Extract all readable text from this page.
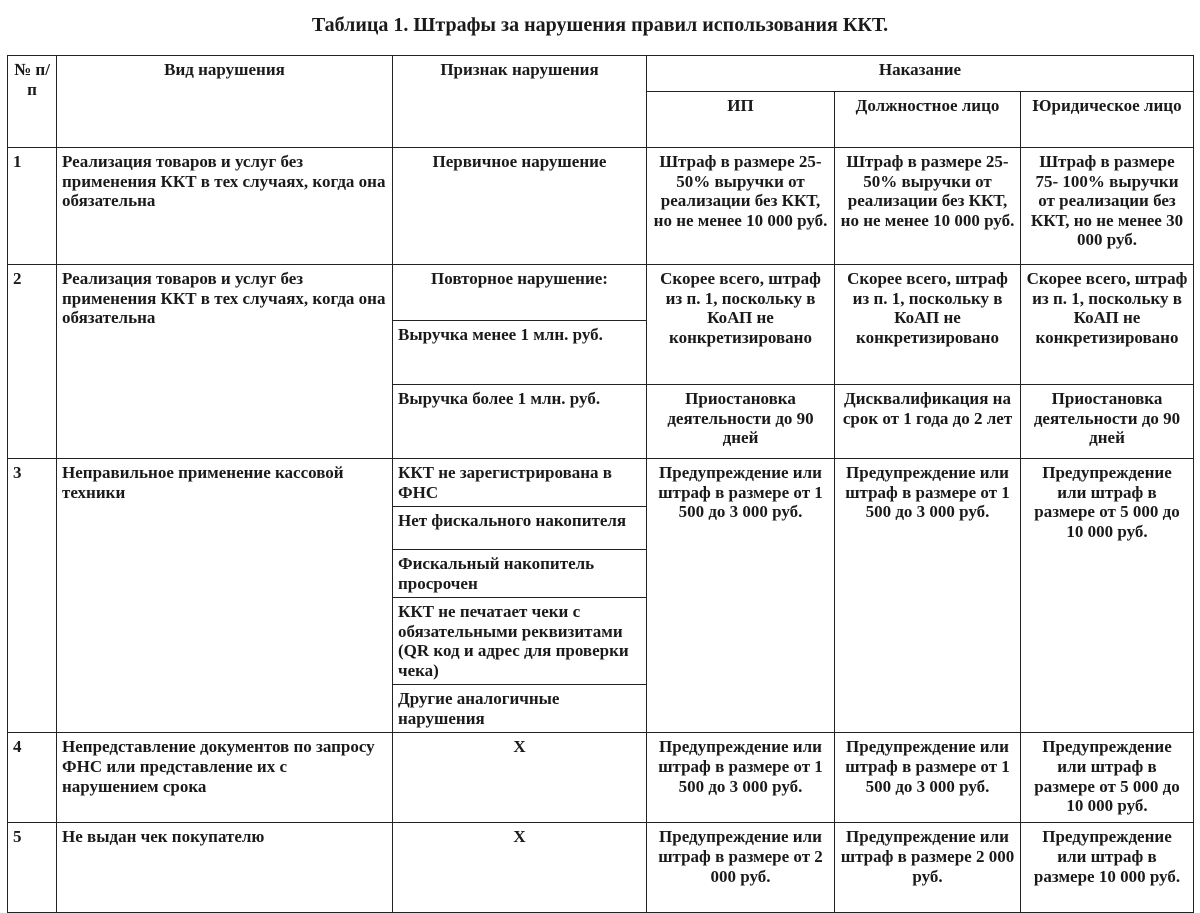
Таблица 1. Штрафы за нарушения правил использования ККТ.
№ п/п	Вид нарушения	Признак нарушения	Наказание		
			ИП	Должностное лицо	Юридическое лицо
1	Реализация товаров и услуг без применения ККТ в тех случаях, когда она обязательна	Первичное нарушение	Штраф в размере 25- 50% выручки от реализации без ККТ, но не менее 10 000 руб.	Штраф в размере 25- 50% выручки от реализации без ККТ, но не менее 10 000 руб.	Штраф в размере 75- 100% выручки от реализации без ККТ, но не менее 30 000 руб.
2	Реализация товаров и услуг без применения ККТ в тех случаях, когда она обязательна	Повторное нарушение:	Скорее всего, штраф из п. 1, поскольку в КоАП не конкретизировано	Скорее всего, штраф из п. 1, поскольку в КоАП не конкретизировано	Скорее всего, штраф из п. 1, поскольку в КоАП не конкретизировано
		Выручка менее 1 млн. руб.			
		Выручка более 1 млн. руб.	Приостановка деятельности до 90 дней	Дисквалификация на срок от 1 года до 2 лет	Приостановка деятельности до 90 дней
3	Неправильное применение кассовой техники	ККТ не зарегистрирована в ФНС	Предупреждение или штраф в размере от 1 500 до 3 000 руб.	Предупреждение или штраф в размере от 1 500 до 3 000 руб.	Предупреждение или штраф в размере от 5 000 до 10 000 руб.
		Нет фискального накопителя			
		Фискальный накопитель просрочен			
		ККТ не печатает чеки с обязательными реквизитами (QR код и адрес для проверки чека)			
		Другие аналогичные нарушения			
4	Непредставление документов по запросу ФНС или представление их с нарушением срока	Х	Предупреждение или штраф в размере от 1 500 до 3 000 руб.	Предупреждение или штраф в размере от 1 500 до 3 000 руб.	Предупреждение или штраф в размере от 5 000 до 10 000 руб.
5	Не выдан чек покупателю	Х	Предупреждение или штраф в размере от 2 000 руб.	Предупреждение или штраф в размере 2 000 руб.	Предупреждение или штраф в размере 10 000 руб.
